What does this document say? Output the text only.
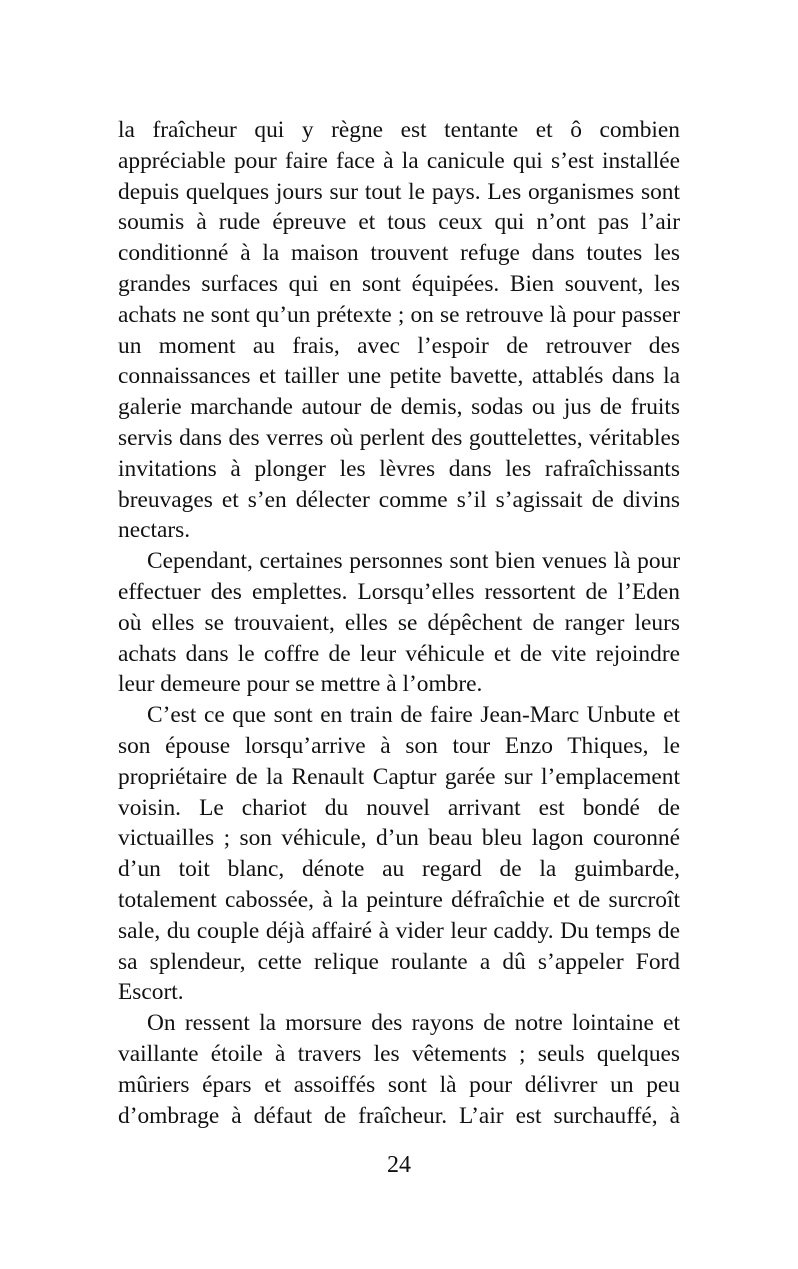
la fraîcheur qui y règne est tentante et ô combien appréciable pour faire face à la canicule qui s’est installée depuis quelques jours sur tout le pays. Les organismes sont soumis à rude épreuve et tous ceux qui n’ont pas l’air conditionné à la maison trouvent refuge dans toutes les grandes surfaces qui en sont équipées. Bien souvent, les achats ne sont qu’un prétexte ; on se retrouve là pour passer un moment au frais, avec l’espoir de retrouver des connaissances et tailler une petite bavette, attablés dans la galerie marchande autour de demis, sodas ou jus de fruits servis dans des verres où perlent des gouttelettes, véritables invitations à plonger les lèvres dans les rafraîchissants breuvages et s’en délecter comme s’il s’agissait de divins nectars.

Cependant, certaines personnes sont bien venues là pour effectuer des emplettes. Lorsqu’elles ressortent de l’Eden où elles se trouvaient, elles se dépêchent de ranger leurs achats dans le coffre de leur véhicule et de vite rejoindre leur demeure pour se mettre à l’ombre.

C’est ce que sont en train de faire Jean-Marc Unbute et son épouse lorsqu’arrive à son tour Enzo Thiques, le propriétaire de la Renault Captur garée sur l’emplacement voisin. Le chariot du nouvel arrivant est bondé de victuailles ; son véhicule, d’un beau bleu lagon couronné d’un toit blanc, dénote au regard de la guimbarde, totalement cabossée, à la peinture défraîchie et de surcroît sale, du couple déjà affairé à vider leur caddy. Du temps de sa splendeur, cette relique roulante a dû s’appeler Ford Escort.

On ressent la morsure des rayons de notre lointaine et vaillante étoile à travers les vêtements ; seuls quelques mûriers épars et assoiffés sont là pour délivrer un peu d’ombrage à défaut de fraîcheur. L’air est surchauffé, à

24
